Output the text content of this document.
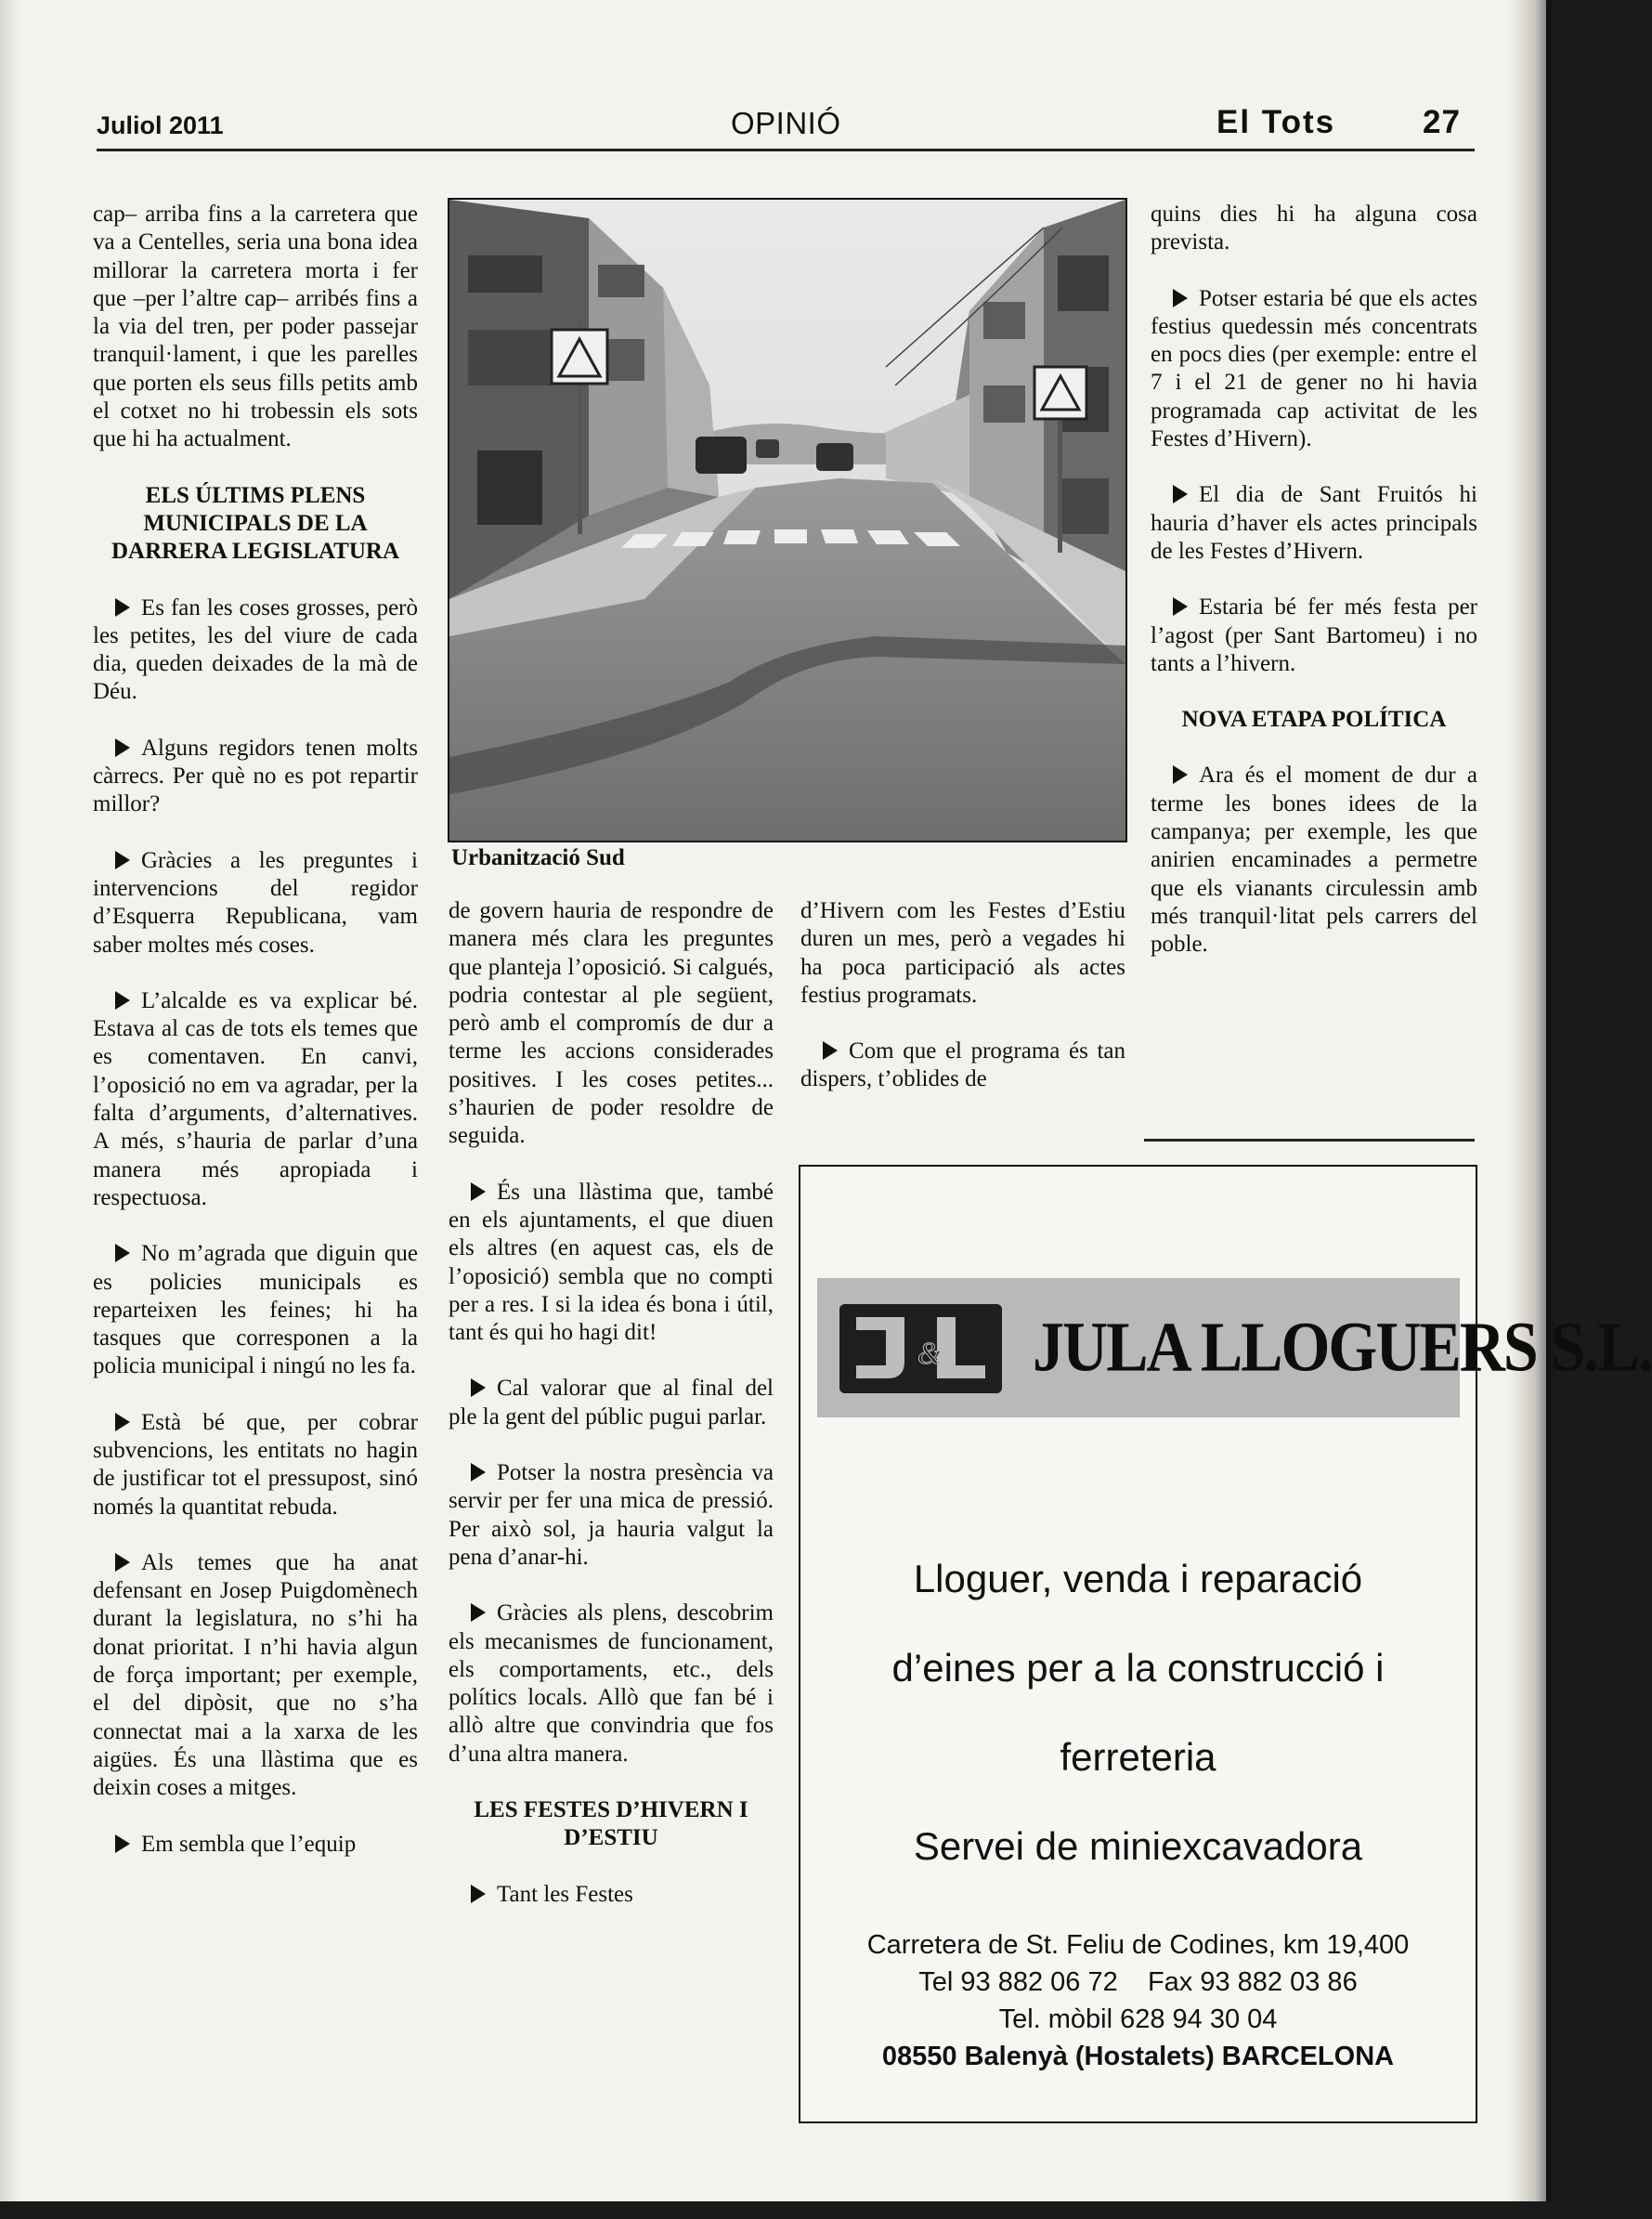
Juliol 2011	OPINIÓ	El Tots	27

cap– arriba fins a la carretera que va a Centelles, seria una bona idea millorar la carretera morta i fer que –per l’altre cap– arribés fins a la via del tren, per poder passejar tranquil·lament, i que les parelles que porten els seus fills petits amb el cotxet no hi trobessin els sots que hi ha actualment.

ELS ÚLTIMS PLENS MUNICIPALS DE LA DARRERA LEGISLATURA

Es fan les coses grosses, però les petites, les del viure de cada dia, queden deixades de la mà de Déu.

Alguns regidors tenen molts càrrecs. Per què no es pot repartir millor?

Gràcies a les preguntes i intervencions del regidor d’Esquerra Republicana, vam saber moltes més coses.

L’alcalde es va explicar bé. Estava al cas de tots els temes que es comentaven. En canvi, l’oposició no em va agradar, per la falta d’arguments, d’alternatives. A més, s’hauria de parlar d’una manera més apropiada i respectuosa.

No m’agrada que diguin que es policies municipals es reparteixen les feines; hi ha tasques que corresponen a la policia municipal i ningú no les fa.

Està bé que, per cobrar subvencions, les entitats no hagin de justificar tot el pressupost, sinó només la quantitat rebuda.

Als temes que ha anat defensant en Josep Puigdomènech durant la legislatura, no s’hi ha donat prioritat. I n’hi havia algun de força important; per exemple, el del dipòsit, que no s’ha connectat mai a la xarxa de les aigües. És una llàstima que es deixin coses a mitges.

Em sembla que l’equip

Urbanització Sud

de govern hauria de respondre de manera més clara les preguntes que planteja l’oposició. Si calgués, podria contestar al ple següent, però amb el compromís de dur a terme les accions considerades positives. I les coses petites... s’haurien de poder resoldre de seguida.

És una llàstima que, també en els ajuntaments, el que diuen els altres (en aquest cas, els de l’oposició) sembla que no compti per a res. I si la idea és bona i útil, tant és qui ho hagi dit!

Cal valorar que al final del ple la gent del públic pugui parlar.

Potser la nostra presència va servir per fer una mica de pressió. Per això sol, ja hauria valgut la pena d’anar-hi.

Gràcies als plens, descobrim els mecanismes de funcionament, els comportaments, etc., dels polítics locals. Allò que fan bé i allò altre que convindria que fos d’una altra manera.

LES FESTES D’HIVERN I D’ESTIU

Tant les Festes

d’Hivern com les Festes d’Estiu duren un mes, però a vegades hi ha poca participació als actes festius programats.

Com que el programa és tan dispers, t’oblides de

quins dies hi ha alguna cosa prevista.

Potser estaria bé que els actes festius quedessin més concentrats en pocs dies (per exemple: entre el 7 i el 21 de gener no hi havia programada cap activitat de les Festes d’Hivern).

El dia de Sant Fruitós hi hauria d’haver els actes principals de les Festes d’Hivern.

Estaria bé fer més festa per l’agost (per Sant Bartomeu) i no tants a l’hivern.

NOVA ETAPA POLÍTICA

Ara és el moment de dur a terme les bones idees de la campanya; per exemple, les que anirien encaminades a permetre que els vianants circulessin amb més tranquil·litat pels carrers del poble.

& JULA LLOGUERS S.L.
Lloguer, venda i reparació
d’eines per a la construcció i
ferreteria
Servei de miniexcavadora
Carretera de St. Feliu de Codines, km 19,400
Tel 93 882 06 72    Fax 93 882 03 86
Tel. mòbil 628 94 30 04
08550 Balenyà (Hostalets) BARCELONA
